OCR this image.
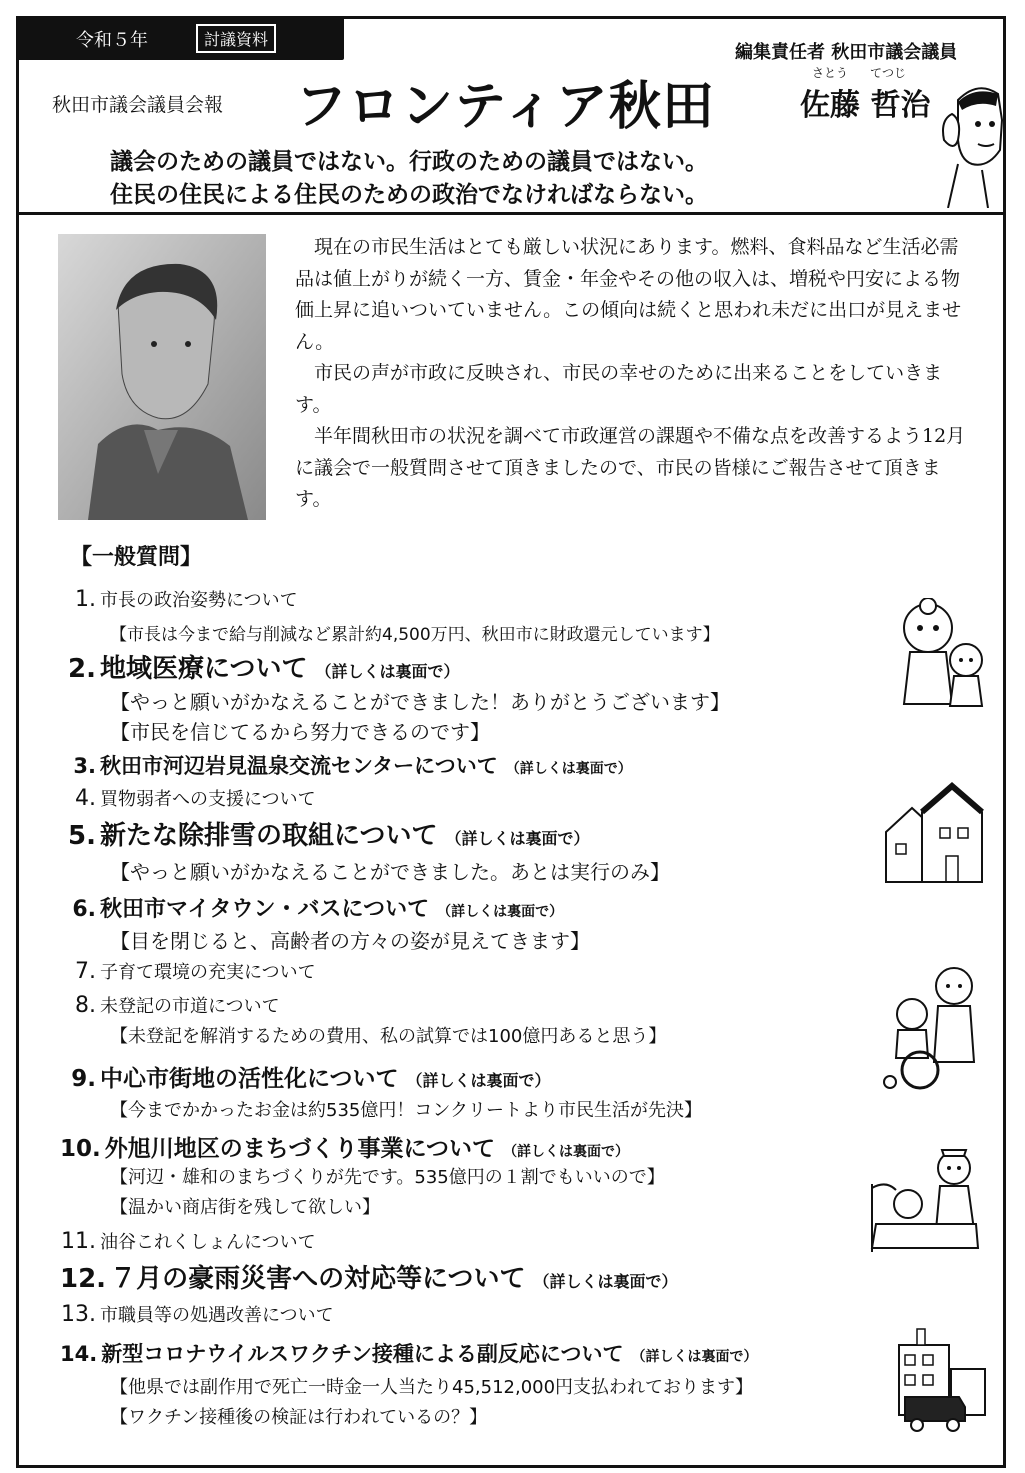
令和５年	討議資料
秋田市議会議員会報 フロンティア秋田
編集責任者 秋田市議会議員
さとう てつじ
佐藤 哲治
議会のための議員ではない。行政のための議員ではない。
住民の住民による住民のための政治でなければならない。

現在の市民生活はとても厳しい状況にあります。燃料、食料品など生活必需品は値上がりが続く一方、賃金・年金やその他の収入は、増税や円安による物価上昇に追いついていません。この傾向は続くと思われ未だに出口が見えません。

市民の声が市政に反映され、市民の幸せのために出来ることをしていきます。

半年間秋田市の状況を調べて市政運営の課題や不備な点を改善するよう12月に議会で一般質問させて頂きましたので、市民の皆様にご報告させて頂きます。

【一般質問】
1. 市長の政治姿勢について
【市長は今まで給与削減など累計約4,500万円、秋田市に財政還元しています】
2. 地域医療について （詳しくは裏面で）
【やっと願いがかなえることができました！ありがとうございます】
【市民を信じてるから努力できるのです】
3. 秋田市河辺岩見温泉交流センターについて （詳しくは裏面で）
4. 買物弱者への支援について
5. 新たな除排雪の取組について （詳しくは裏面で）
【やっと願いがかなえることができました。あとは実行のみ】
6. 秋田市マイタウン・バスについて （詳しくは裏面で）
【目を閉じると、高齢者の方々の姿が見えてきます】
7. 子育て環境の充実について
8. 未登記の市道について
【未登記を解消するための費用、私の試算では100億円あると思う】
9. 中心市街地の活性化について （詳しくは裏面で）
【今までかかったお金は約535億円！コンクリートより市民生活が先決】
10. 外旭川地区のまちづくり事業について （詳しくは裏面で）
【河辺・雄和のまちづくりが先です。535億円の１割でもいいので】
【温かい商店街を残して欲しい】
11. 油谷これくしょんについて
12. ７月の豪雨災害への対応等について （詳しくは裏面で）
13. 市職員等の処遇改善について
14. 新型コロナウイルスワクチン接種による副反応について （詳しくは裏面で）
【他県では副作用で死亡一時金一人当たり45,512,000円支払われております】
【ワクチン接種後の検証は行われているの？】
